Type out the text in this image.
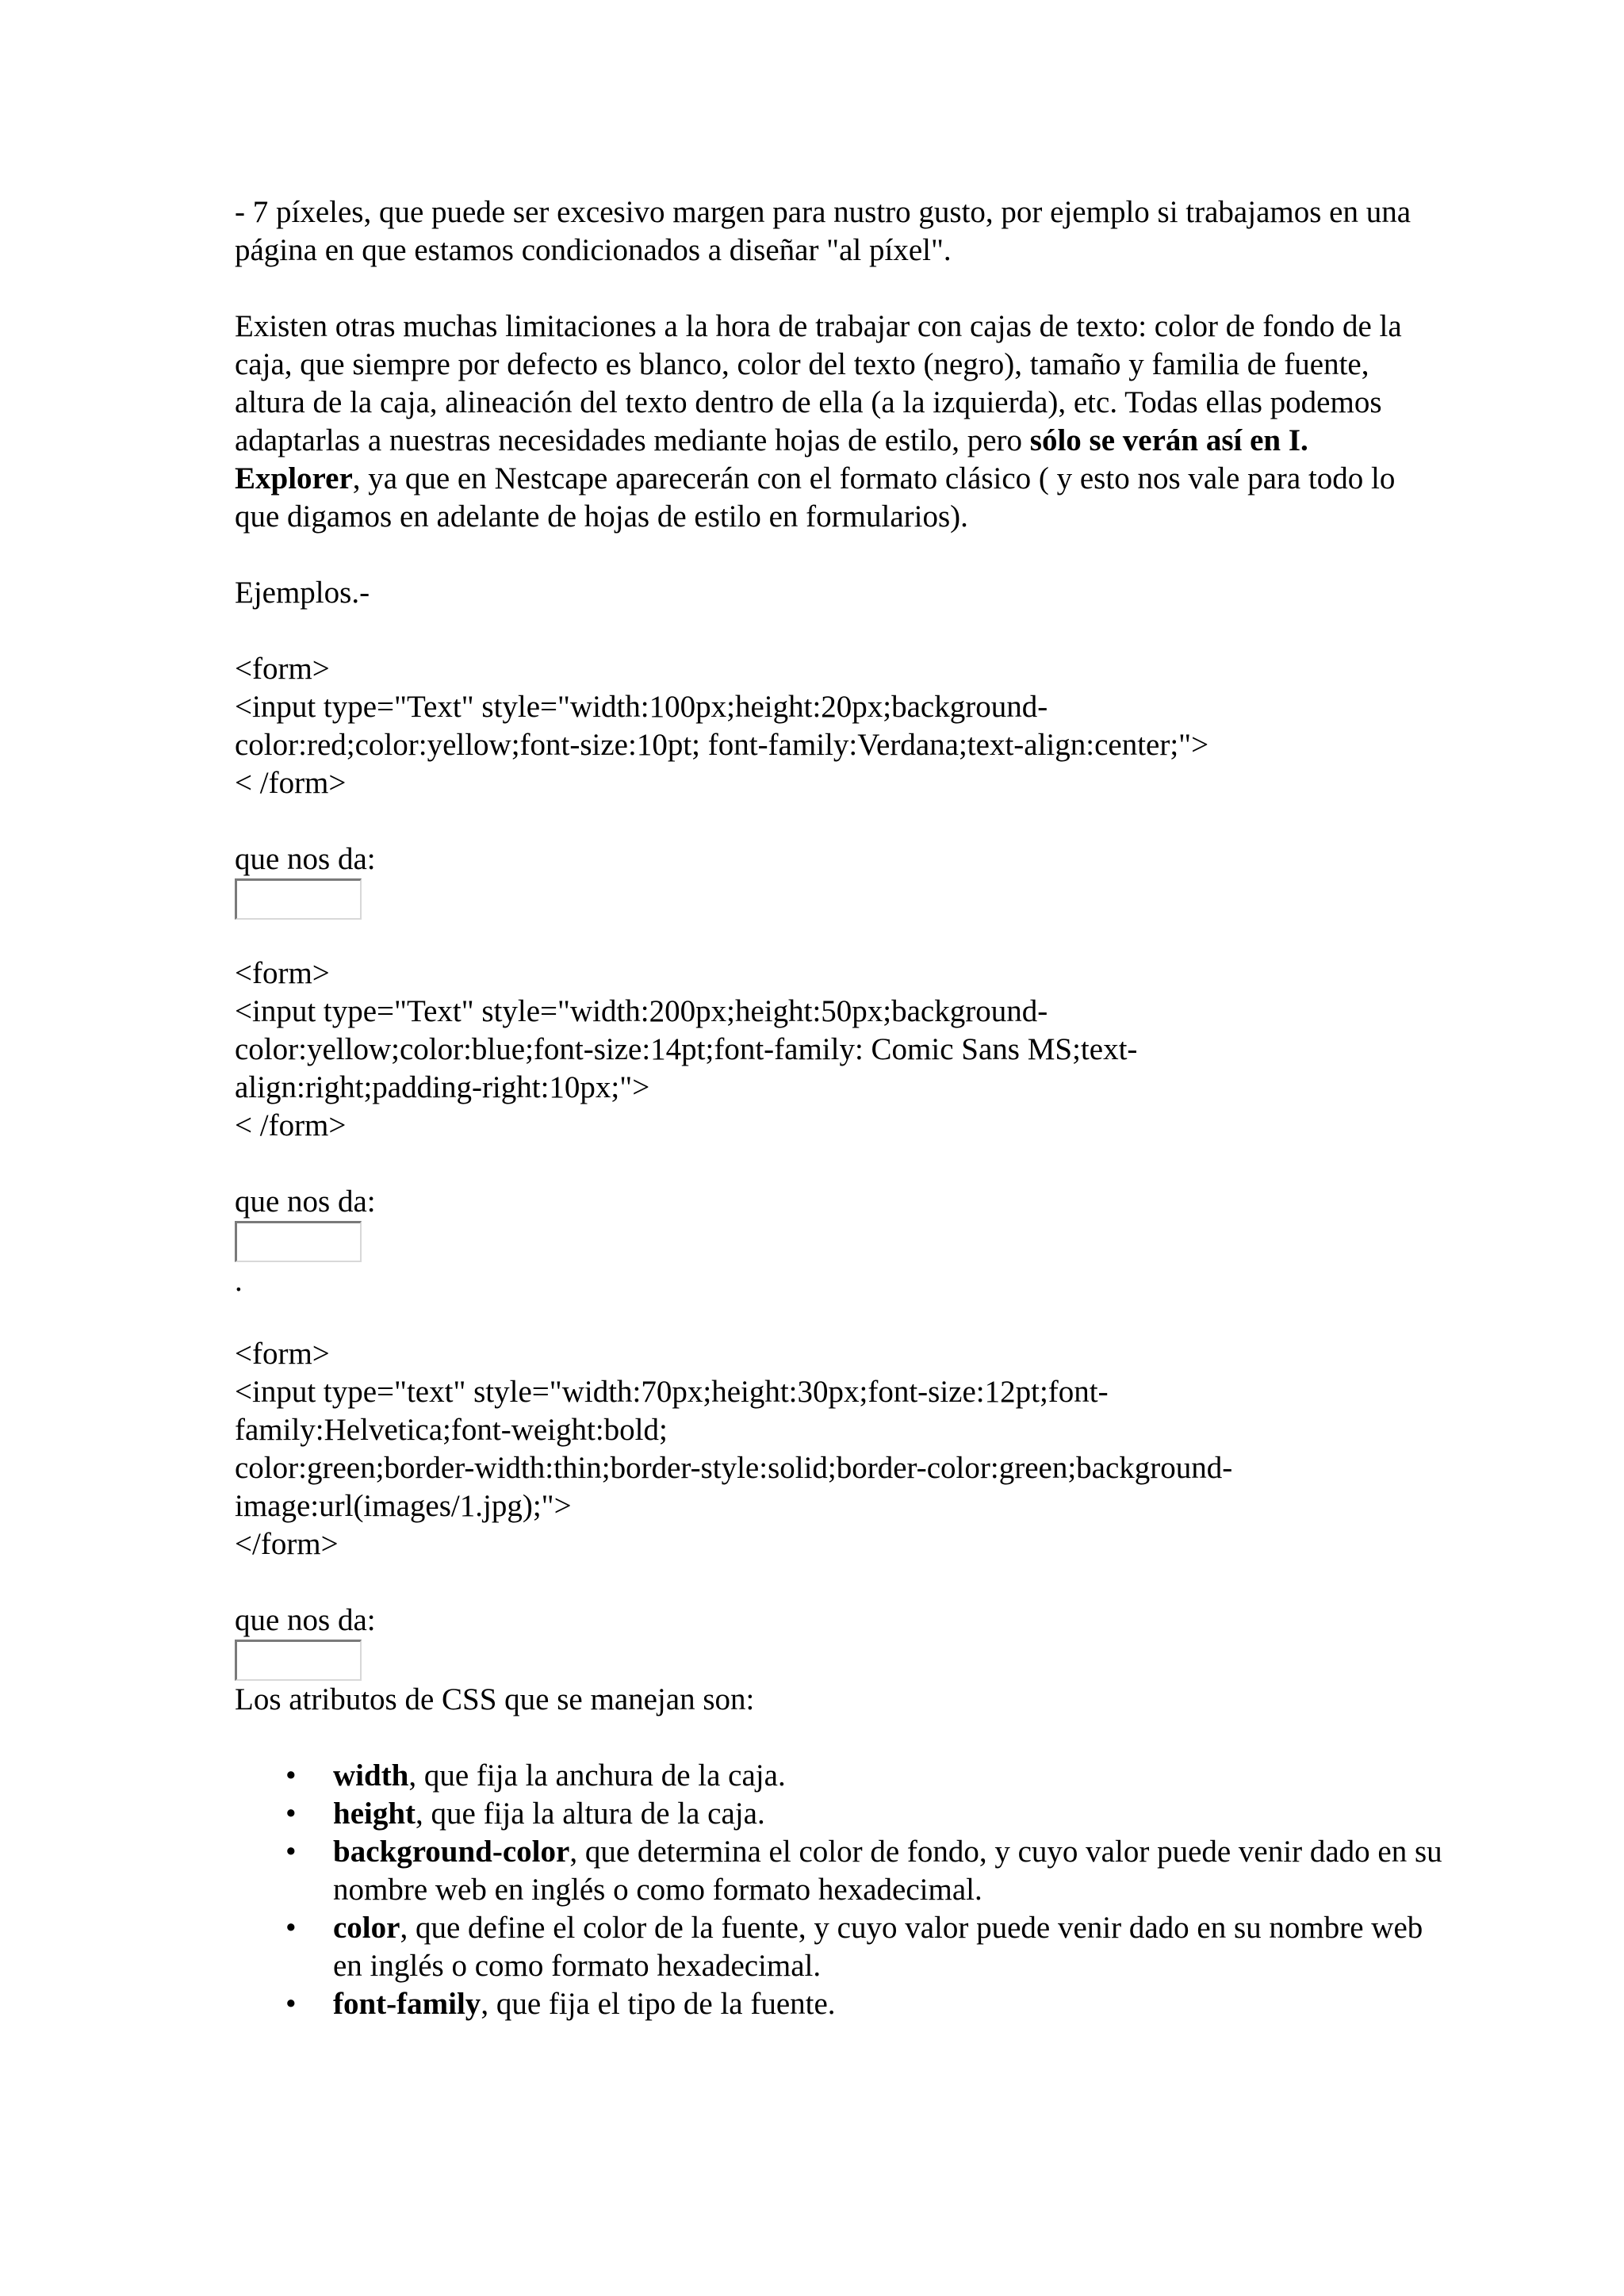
- 7 píxeles, que puede ser excesivo margen para nustro gusto, por ejemplo si trabajamos en una página en que estamos condicionados a diseñar "al píxel".

Existen otras muchas limitaciones a la hora de trabajar con cajas de texto: color de fondo de la caja, que siempre por defecto es blanco, color del texto (negro), tamaño y familia de fuente, altura de la caja, alineación del texto dentro de ella (a la izquierda), etc. Todas ellas podemos adaptarlas a nuestras necesidades mediante hojas de estilo, pero sólo se verán así en I. Explorer, ya que en Nestcape aparecerán con el formato clásico ( y esto nos vale para todo lo que digamos en adelante de hojas de estilo en formularios).

Ejemplos.-

<form>

<input type="Text" style="width:100px;height:20px;background-

color:red;color:yellow;font-size:10pt; font-family:Verdana;text-align:center;">

< /form>

que nos da:

<form>

<input type="Text" style="width:200px;height:50px;background-

color:yellow;color:blue;font-size:14pt;font-family: Comic Sans MS;text-

align:right;padding-right:10px;">

< /form>

que nos da:

.

<form>

<input type="text" style="width:70px;height:30px;font-size:12pt;font-

family:Helvetica;font-weight:bold;

color:green;border-width:thin;border-style:solid;border-color:green;background-

image:url(images/1.jpg);">

</form>

que nos da:

Los atributos de CSS que se manejan son:

• width, que fija la anchura de la caja.
• height, que fija la altura de la caja.
• background-color, que determina el color de fondo, y cuyo valor puede venir dado en su nombre web en inglés o como formato hexadecimal.
• color, que define el color de la fuente, y cuyo valor puede venir dado en su nombre web en inglés o como formato hexadecimal.
• font-family, que fija el tipo de la fuente.
